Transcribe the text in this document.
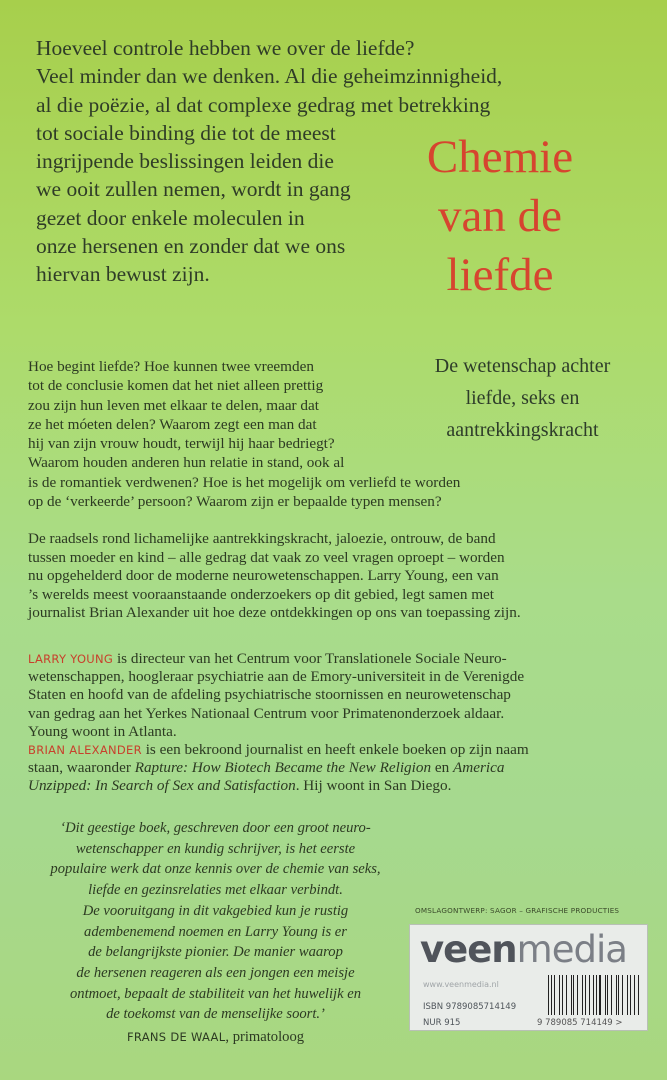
Hoeveel controle hebben we over de liefde?
Veel minder dan we denken. Al die geheimzinnigheid,
al die poëzie, al dat complexe gedrag met betrekking
tot sociale binding die tot de meest
ingrijpende beslissingen leiden die
we ooit zullen nemen, wordt in gang
gezet door enkele moleculen in
onze hersenen en zonder dat we ons
hiervan bewust zijn.
Chemie
van de
liefde
De wetenschap achter
liefde, seks en
aantrekkingskracht
Hoe begint liefde? Hoe kunnen twee vreemden
tot de conclusie komen dat het niet alleen prettig
zou zijn hun leven met elkaar te delen, maar dat
ze het móeten delen? Waarom zegt een man dat
hij van zijn vrouw houdt, terwijl hij haar bedriegt?
Waarom houden anderen hun relatie in stand, ook al
is de romantiek verdwenen? Hoe is het mogelijk om verliefd te worden
op de ‘verkeerde’ persoon? Waarom zijn er bepaalde typen mensen?
De raadsels rond lichamelijke aantrekkingskracht, jaloezie, ontrouw, de band
tussen moeder en kind – alle gedrag dat vaak zo veel vragen oproept – worden
nu opgehelderd door de moderne neurowetenschappen. Larry Young, een van
’s werelds meest vooraanstaande onderzoekers op dit gebied, legt samen met
journalist Brian Alexander uit hoe deze ontdekkingen op ons van toepassing zijn.
LARRY YOUNG is directeur van het Centrum voor Translationele Sociale Neuro-
wetenschappen, hoogleraar psychiatrie aan de Emory-universiteit in de Verenigde
Staten en hoofd van de afdeling psychiatrische stoornissen en neurowetenschap
van gedrag aan het Yerkes Nationaal Centrum voor Primatenonderzoek aldaar.
Young woont in Atlanta.
BRIAN ALEXANDER is een bekroond journalist en heeft enkele boeken op zijn naam
staan, waaronder Rapture: How Biotech Became the New Religion en America
Unzipped: In Search of Sex and Satisfaction. Hij woont in San Diego.
‘Dit geestige boek, geschreven door een groot neuro-
wetenschapper en kundig schrijver, is het eerste
populaire werk dat onze kennis over de chemie van seks,
liefde en gezinsrelaties met elkaar verbindt.
De vooruitgang in dit vakgebied kun je rustig
adembenemend noemen en Larry Young is er
de belangrijkste pionier. De manier waarop
de hersenen reageren als een jongen een meisje
ontmoet, bepaalt de stabiliteit van het huwelijk en
de toekomst van de menselijke soort.’
FRANS DE WAAL, primatoloog
OMSLAGONTWERP: SAGOR – GRAFISCHE PRODUCTIES
veenmedia
www.veenmedia.nl
ISBN 9789085714149
NUR 915	9 789085 714149 >
